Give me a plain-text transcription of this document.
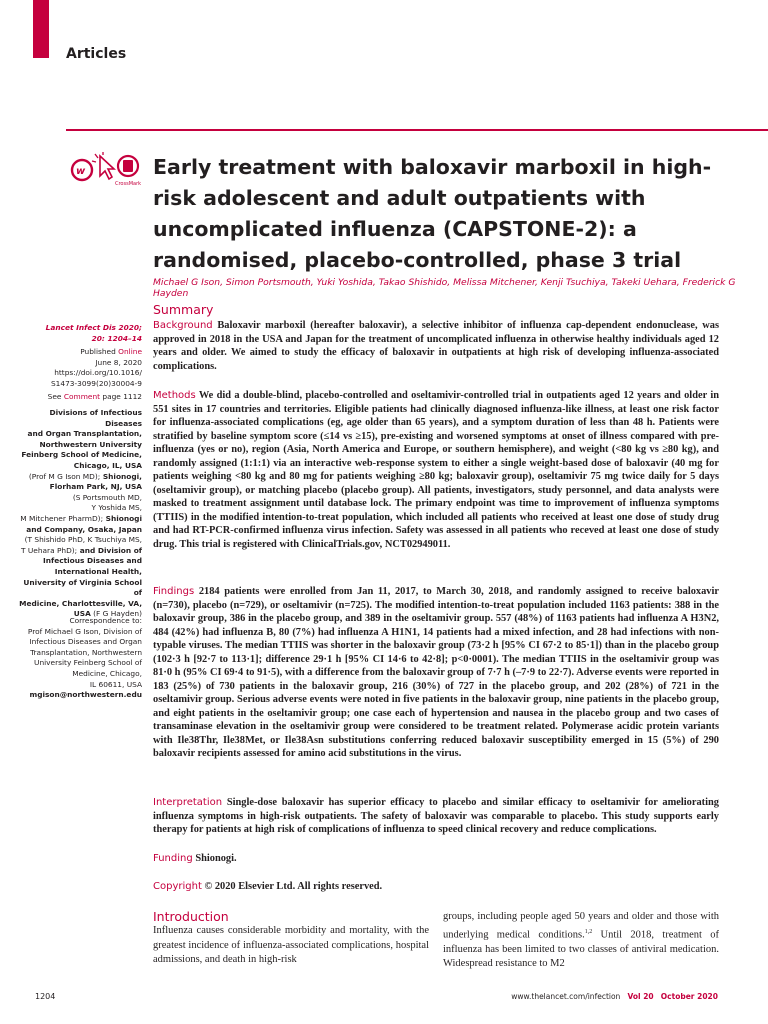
Articles
w
CrossMark
Early treatment with baloxavir marboxil in high-risk adolescent and adult outpatients with uncomplicated influenza (CAPSTONE-2): a randomised, placebo-controlled, phase 3 trial
Michael G Ison, Simon Portsmouth, Yuki Yoshida, Takao Shishido, Melissa Mitchener, Kenji Tsuchiya, Takeki Uehara, Frederick G Hayden
Summary
Lancet Infect Dis 2020;
20: 1204–14
Published Online
June 8, 2020
https://doi.org/10.1016/
S1473-3099(20)30004-9
See Comment page 1112
Divisions of Infectious Diseases
and Organ Transplantation,
Northwestern University
Feinberg School of Medicine,
Chicago, IL, USA
(Prof M G Ison MD); Shionogi,
Florham Park, NJ, USA
(S Portsmouth MD,
Y Yoshida MS,
M Mitchener PharmD); Shionogi
and Company, Osaka, Japan
(T Shishido PhD, K Tsuchiya MS,
T Uehara PhD); and Division of
Infectious Diseases and
International Health,
University of Virginia School of
Medicine, Charlottesville, VA,
USA (F G Hayden)
Correspondence to:
Prof Michael G Ison, Division of
Infectious Diseases and Organ
Transplantation, Northwestern
University Feinberg School of
Medicine, Chicago,
IL 60611, USA
mgison@northwestern.edu

Background Baloxavir marboxil (hereafter baloxavir), a selective inhibitor of influenza cap-dependent endonuclease, was approved in 2018 in the USA and Japan for the treatment of uncomplicated influenza in otherwise healthy individuals aged 12 years and older. We aimed to study the efficacy of baloxavir in outpatients at high risk of developing influenza-associated complications.

Methods We did a double-blind, placebo-controlled and oseltamivir-controlled trial in outpatients aged 12 years and older in 551 sites in 17 countries and territories. Eligible patients had clinically diagnosed influenza-like illness, at least one risk factor for influenza-associated complications (eg, age older than 65 years), and a symptom duration of less than 48 h. Patients were stratified by baseline symptom score (≤14 vs ≥15), pre-existing and worsened symptoms at onset of illness compared with pre-influenza (yes or no), region (Asia, North America and Europe, or southern hemisphere), and weight (<80 kg vs ≥80 kg), and randomly assigned (1:1:1) via an interactive web-response system to either a single weight-based dose of baloxavir (40 mg for patients weighing <80 kg and 80 mg for patients weighing ≥80 kg; baloxavir group), oseltamivir 75 mg twice daily for 5 days (oseltamivir group), or matching placebo (placebo group). All patients, investigators, study personnel, and data analysts were masked to treatment assignment until database lock. The primary endpoint was time to improvement of influenza symptoms (TTIIS) in the modified intention-to-treat population, which included all patients who received at least one dose of study drug and had RT-PCR-confirmed influenza virus infection. Safety was assessed in all patients who receved at least one dose of study drug. This trial is registered with ClinicalTrials.gov, NCT02949011.

Findings 2184 patients were enrolled from Jan 11, 2017, to March 30, 2018, and randomly assigned to receive baloxavir (n=730), placebo (n=729), or oseltamivir (n=725). The modified intention-to-treat population included 1163 patients: 388 in the baloxavir group, 386 in the placebo group, and 389 in the oseltamivir group. 557 (48%) of 1163 patients had influenza A H3N2, 484 (42%) had influenza B, 80 (7%) had influenza A H1N1, 14 patients had a mixed infection, and 28 had infections with non-typable viruses. The median TTIIS was shorter in the baloxavir group (73·2 h [95% CI 67·2 to 85·1]) than in the placebo group (102·3 h [92·7 to 113·1]; difference 29·1 h [95% CI 14·6 to 42·8]; p<0·0001). The median TTIIS in the oseltamivir group was 81·0 h (95% CI 69·4 to 91·5), with a difference from the baloxavir group of 7·7 h (–7·9 to 22·7). Adverse events were reported in 183 (25%) of 730 patients in the baloxavir group, 216 (30%) of 727 in the placebo group, and 202 (28%) of 721 in the oseltamivir group. Serious adverse events were noted in five patients in the baloxavir group, nine patients in the placebo group, and eight patients in the oseltamivir group; one case each of hypertension and nausea in the placebo group and two cases of transaminase elevation in the oseltamivir group were considered to be treatment related. Polymerase acidic protein variants with Ile38Thr, Ile38Met, or Ile38Asn substitutions conferring reduced baloxavir susceptibility emerged in 15 (5%) of 290 baloxavir recipients assessed for amino acid substitutions in the virus.

Interpretation Single-dose baloxavir has superior efficacy to placebo and similar efficacy to oseltamivir for ameliorating influenza symptoms in high-risk outpatients. The safety of baloxavir was comparable to placebo. This study supports early therapy for patients at high risk of complications of influenza to speed clinical recovery and reduce complications.

Funding Shionogi.

Copyright © 2020 Elsevier Ltd. All rights reserved.

Introduction

Influenza causes considerable morbidity and mortality, with the greatest incidence of influenza-associated complications, hospital admissions, and death in high-risk

groups, including people aged 50 years and older and those with underlying medical conditions.$^{1,2}$ Until 2018, treatment of influenza has been limited to two classes of antiviral medication. Widespread resistance to M2

1204	www.thelancet.com/infection Vol 20 October 2020
